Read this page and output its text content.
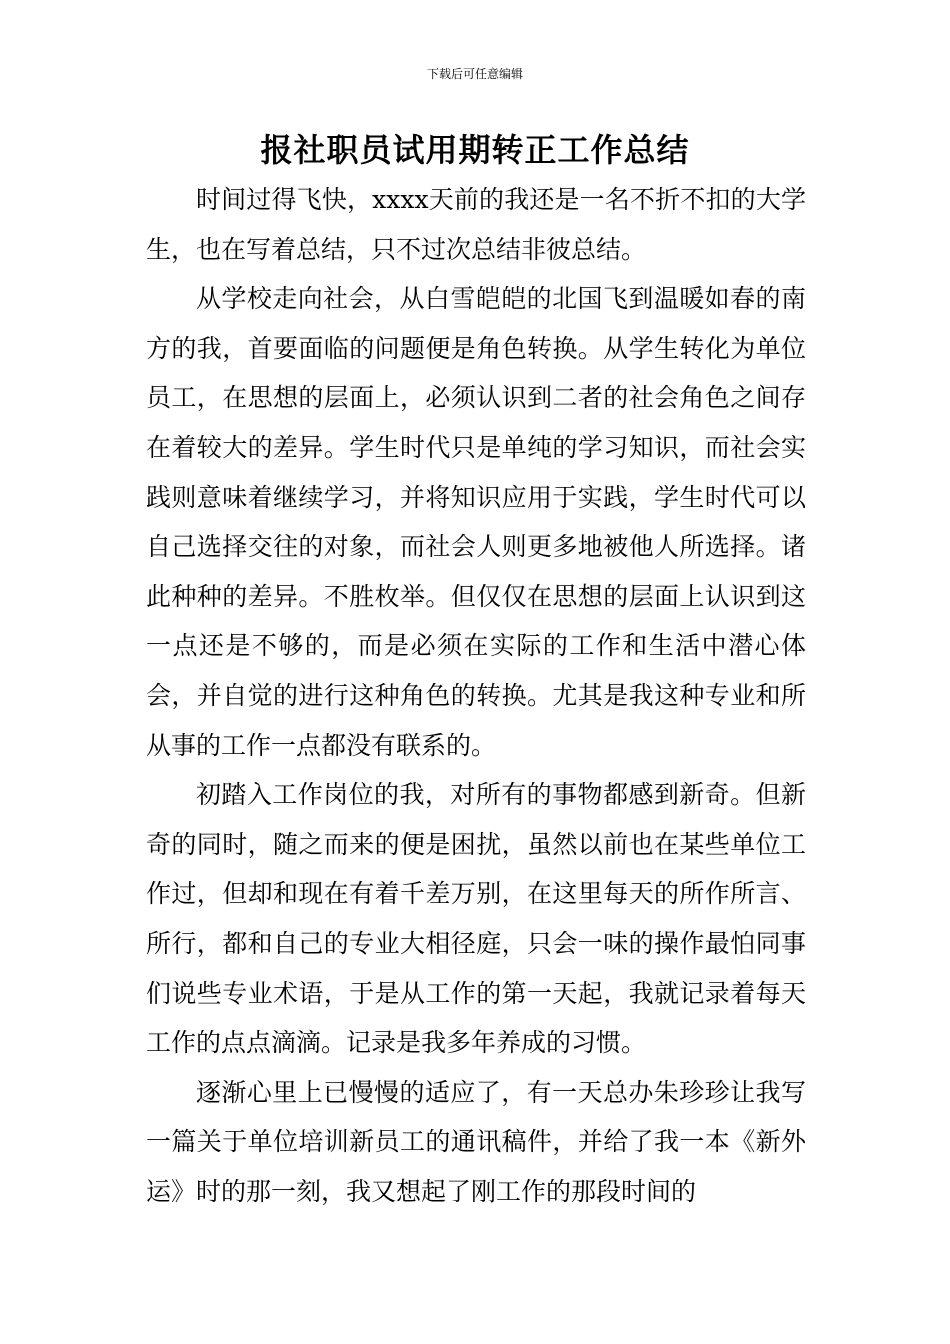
下载后可任意编辑
报社职员试用期转正工作总结

时间过得飞快，xxxx天前的我还是一名不折不扣的大学生，也在写着总结，只不过次总结非彼总结。

从学校走向社会，从白雪皑皑的北国飞到温暖如春的南方的我，首要面临的问题便是角色转换。从学生转化为单位员工，在思想的层面上，必须认识到二者的社会角色之间存在着较大的差异。学生时代只是单纯的学习知识，而社会实践则意味着继续学习，并将知识应用于实践，学生时代可以自己选择交往的对象，而社会人则更多地被他人所选择。诸此种种的差异。不胜枚举。但仅仅在思想的层面上认识到这一点还是不够的，而是必须在实际的工作和生活中潜心体会，并自觉的进行这种角色的转换。尤其是我这种专业和所从事的工作一点都没有联系的。

初踏入工作岗位的我，对所有的事物都感到新奇。但新奇的同时，随之而来的便是困扰，虽然以前也在某些单位工作过，但却和现在有着千差万别，在这里每天的所作所言、所行，都和自己的专业大相径庭，只会一味的操作最怕同事们说些专业术语，于是从工作的第一天起，我就记录着每天工作的点点滴滴。记录是我多年养成的习惯。

逐渐心里上已慢慢的适应了，有一天总办朱珍珍让我写一篇关于单位培训新员工的通讯稿件，并给了我一本《新外运》时的那一刻，我又想起了刚工作的那段时间的
